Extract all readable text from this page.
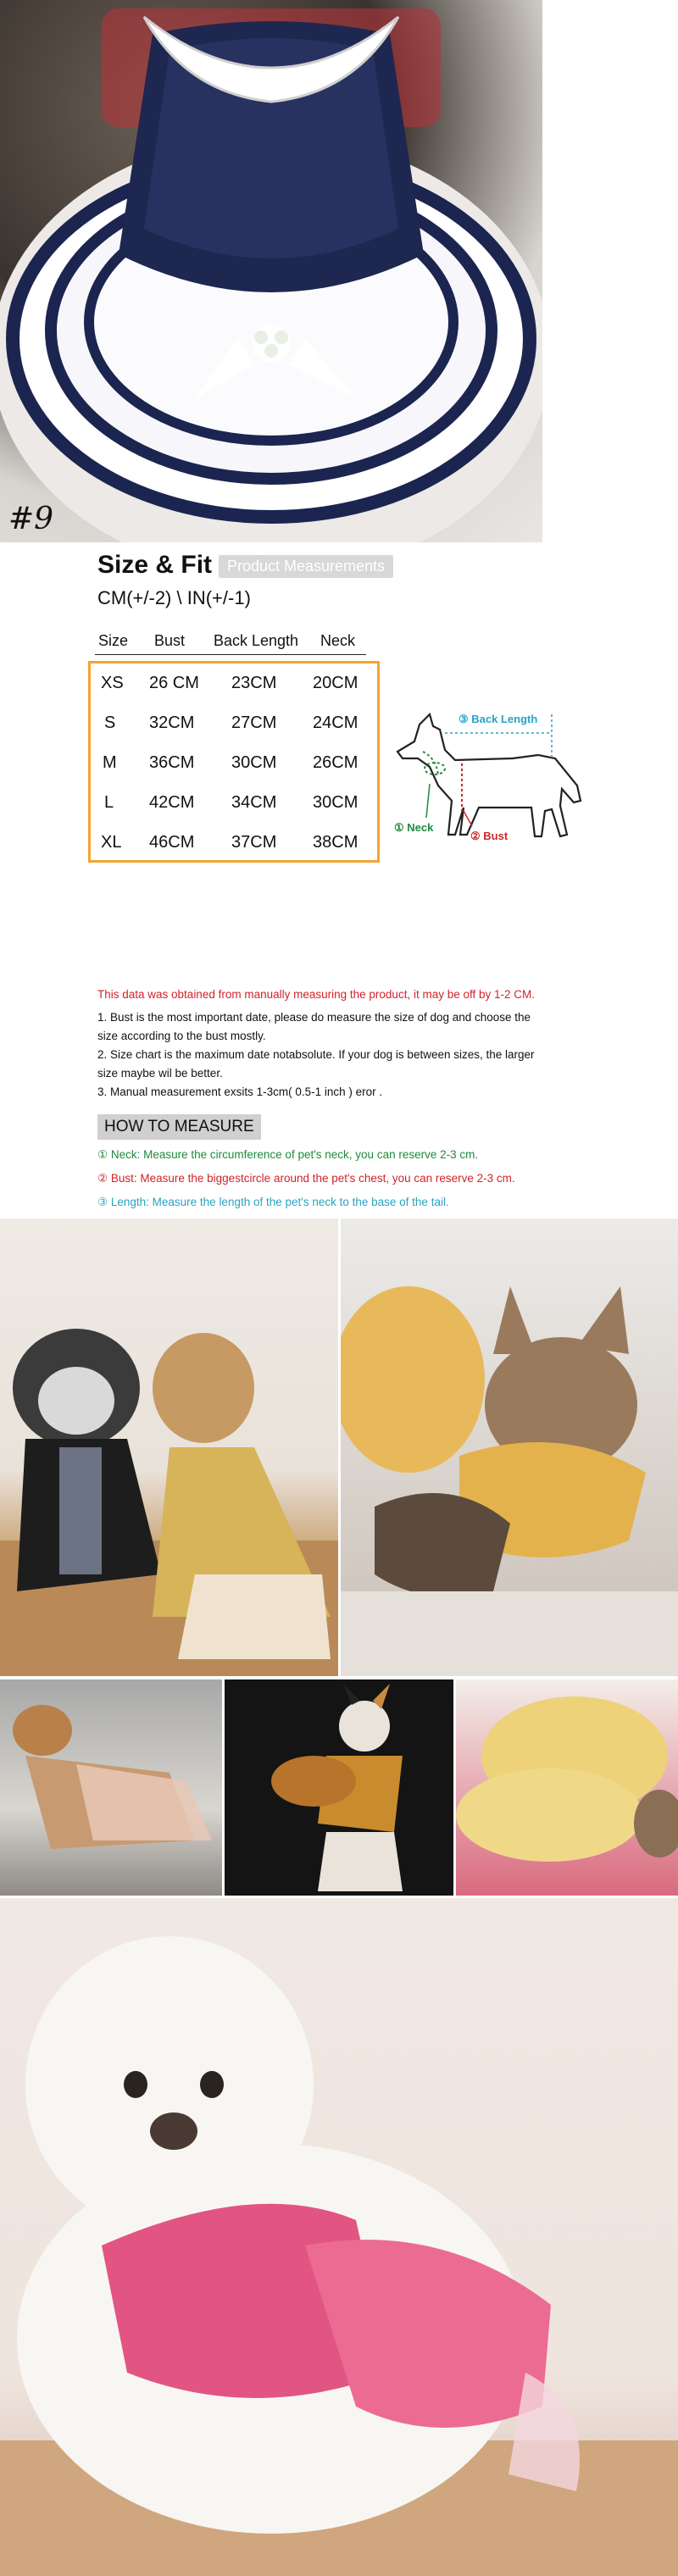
#9
Size & Fit Product Measurements
CM(+/-2) \ IN(+/-1)
Size Bust Back Length Neck
XS 26 CM 23CM 20CM
S 32CM 27CM 24CM
M 36CM 30CM 26CM
L 42CM 34CM 30CM
XL 46CM 37CM 38CM
③ Back Length
① Neck
② Bust
This data was obtained from manually measuring the product, it may be off by 1-2 CM.
1. Bust is the most important date, please do measure the size of dog and choose the
size according to the bust mostly.
2. Size chart is the maximum date notabsolute. If your dog is between sizes, the larger
size maybe wil be better.
3. Manual measurement exsits 1-3cm( 0.5-1 inch ) eror .
HOW TO MEASURE
① Neck: Measure the circumference of pet's neck, you can reserve 2-3 cm.
② Bust: Measure the biggestcircle around the pet's chest, you can reserve 2-3 cm.
③ Length: Measure the length of the pet's neck to the base of the tail.
